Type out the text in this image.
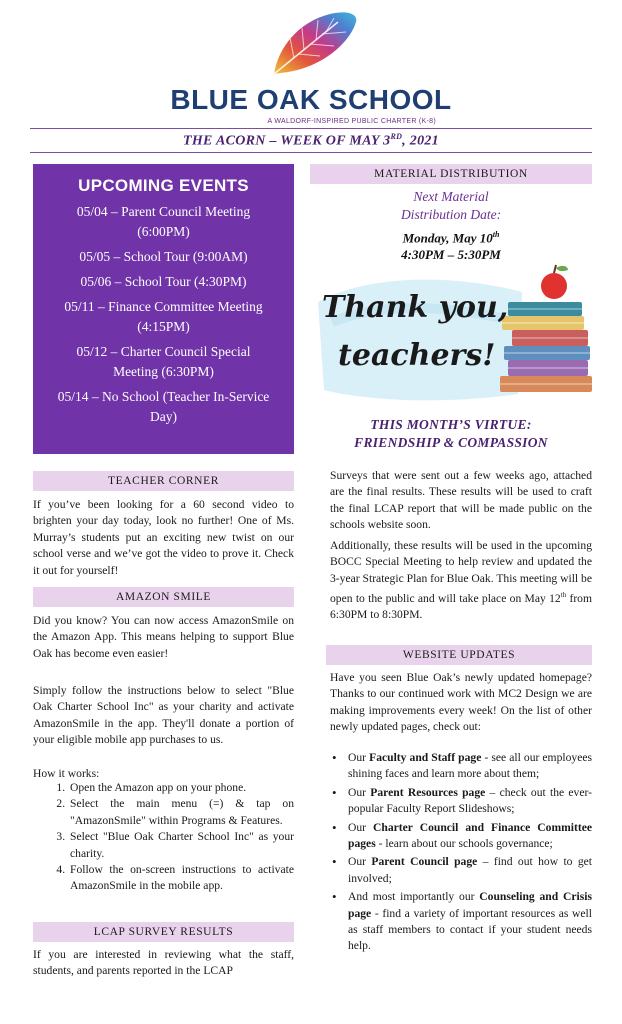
BLUE OAK SCHOOL
A WALDORF-INSPIRED PUBLIC CHARTER (K-8)
THE ACORN – WEEK OF MAY 3RD, 2021
UPCOMING EVENTS
05/04 – Parent Council Meeting (6:00PM)
05/05 – School Tour (9:00AM)
05/06 – School Tour (4:30PM)
05/11 – Finance Committee Meeting (4:15PM)
05/12 – Charter Council Special Meeting (6:30PM)
05/14 – No School (Teacher In-Service Day)
MATERIAL DISTRIBUTION
Next Material
Distribution Date:
Monday, May 10th
4:30PM – 5:30PM
Thank you,
teachers!
THIS MONTH’S VIRTUE:
FRIENDSHIP & COMPASSION
TEACHER CORNER
If you’ve been looking for a 60 second video to brighten your day today, look no further! One of Ms. Murray’s students put an exciting new twist on our school verse and we’ve got the video to prove it. Check it out for yourself!
AMAZON SMILE
Did you know? You can now access AmazonSmile on the Amazon App. This means helping to support Blue Oak has become even easier!
Simply follow the instructions below to select "Blue Oak Charter School Inc" as your charity and activate AmazonSmile in the app. They'll donate a portion of your eligible mobile app purchases to us.
How it works:
1. Open the Amazon app on your phone.
2. Select the main menu (=) & tap on "AmazonSmile" within Programs & Features.
3. Select "Blue Oak Charter School Inc" as your charity.
4. Follow the on-screen instructions to activate AmazonSmile in the mobile app.
LCAP SURVEY RESULTS
If you are interested in reviewing what the staff, students, and parents reported in the LCAP
Surveys that were sent out a few weeks ago, attached are the final results. These results will be used to craft the final LCAP report that will be made public on the schools website soon.
Additionally, these results will be used in the upcoming BOCC Special Meeting to help review and updated the 3-year Strategic Plan for Blue Oak. This meeting will be open to the public and will take place on May 12th from 6:30PM to 8:30PM.
WEBSITE UPDATES
Have you seen Blue Oak’s newly updated homepage? Thanks to our continued work with MC2 Design we are making improvements every week! On the list of other newly updated pages, check out:
• Our Faculty and Staff page - see all our employees shining faces and learn more about them;
• Our Parent Resources page – check out the ever-popular Faculty Report Slideshows;
• Our Charter Council and Finance Committee pages - learn about our schools governance;
• Our Parent Council page – find out how to get involved;
• And most importantly our Counseling and Crisis page - find a variety of important resources as well as staff members to contact if your student needs help.
